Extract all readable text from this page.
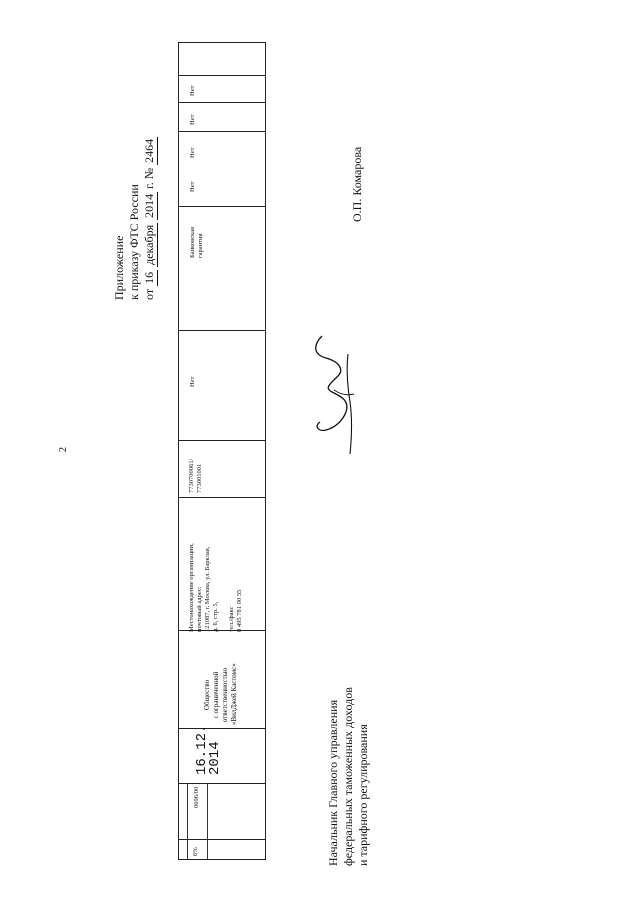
2
Приложение к приказу ФТС России от 16 декабря 2014 г. № 2464
6%
0696/00
16.12.
2014
Общество с ограниченной ответственностью «ВилДжей Кастомс»
Местонахождение организации, почтовый адрес: 121087, г. Москва, ул. Барклая, д. 6, стр. 5, тел./факс 8 495 781 00 35
7730700061/ 773001001
Нет
Банковская гарантия
Нет
Нет
Нет
Нет
Начальник Главного управления федеральных таможенных доходов и тарифного регулирования
О.П. Комарова
